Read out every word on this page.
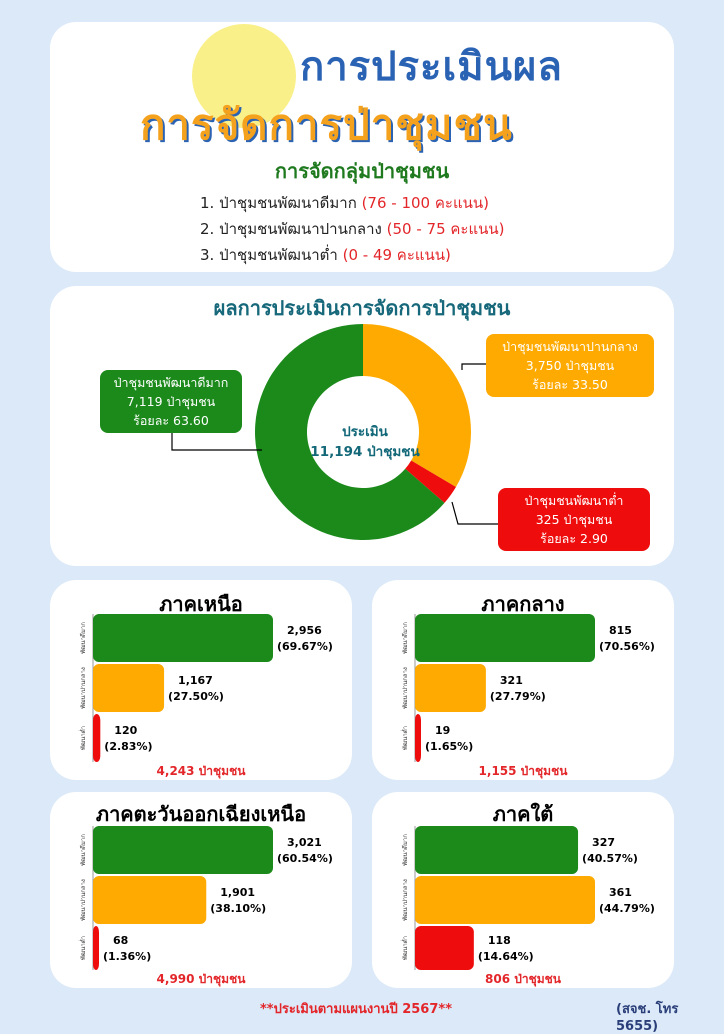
การประเมินผล
การจัดการป่าชุมชน
การจัดกลุ่มป่าชุมชน
1. ป่าชุมชนพัฒนาดีมาก (76 - 100 คะแนน)
2. ป่าชุมชนพัฒนาปานกลาง (50 - 75 คะแนน)
3. ป่าชุมชนพัฒนาต่ำ (0 - 49 คะแนน)
ผลการประเมินการจัดการป่าชุมชน
2,956
(69.67%)
พัฒนาดีมาก
1,167
(27.50%)
พัฒนาปานกลาง
120
(2.83%)
พัฒนาต่ำ
815
(70.56%)
พัฒนาดีมาก
321
(27.79%)
พัฒนาปานกลาง
19
(1.65%)
พัฒนาต่ำ
3,021
(60.54%)
พัฒนาดีมาก
1,901
(38.10%)
พัฒนาปานกลาง
68
(1.36%)
พัฒนาต่ำ
327
(40.57%)
พัฒนาดีมาก
361
(44.79%)
พัฒนาปานกลาง
118
(14.64%)
พัฒนาต่ำ
ป่าชุมชนพัฒนาปานกลาง
3,750 ป่าชุมชน
ร้อยละ 33.50
ป่าชุมชนพัฒนาดีมาก
7,119 ป่าชุมชน
ร้อยละ 63.60
ป่าชุมชนพัฒนาต่ำ
325 ป่าชุมชน
ร้อยละ 2.90
ประเมิน
11,194 ป่าชุมชน
ภาคเหนือ	ภาคกลาง
ภาคตะวันออกเฉียงเหนือ	ภาคใต้
4,243 ป่าชุมชน	1,155 ป่าชุมชน
4,990 ป่าชุมชน	806 ป่าชุมชน
**ประเมินตามแผนงานปี 2567**	(สจช. โทร 5655)
